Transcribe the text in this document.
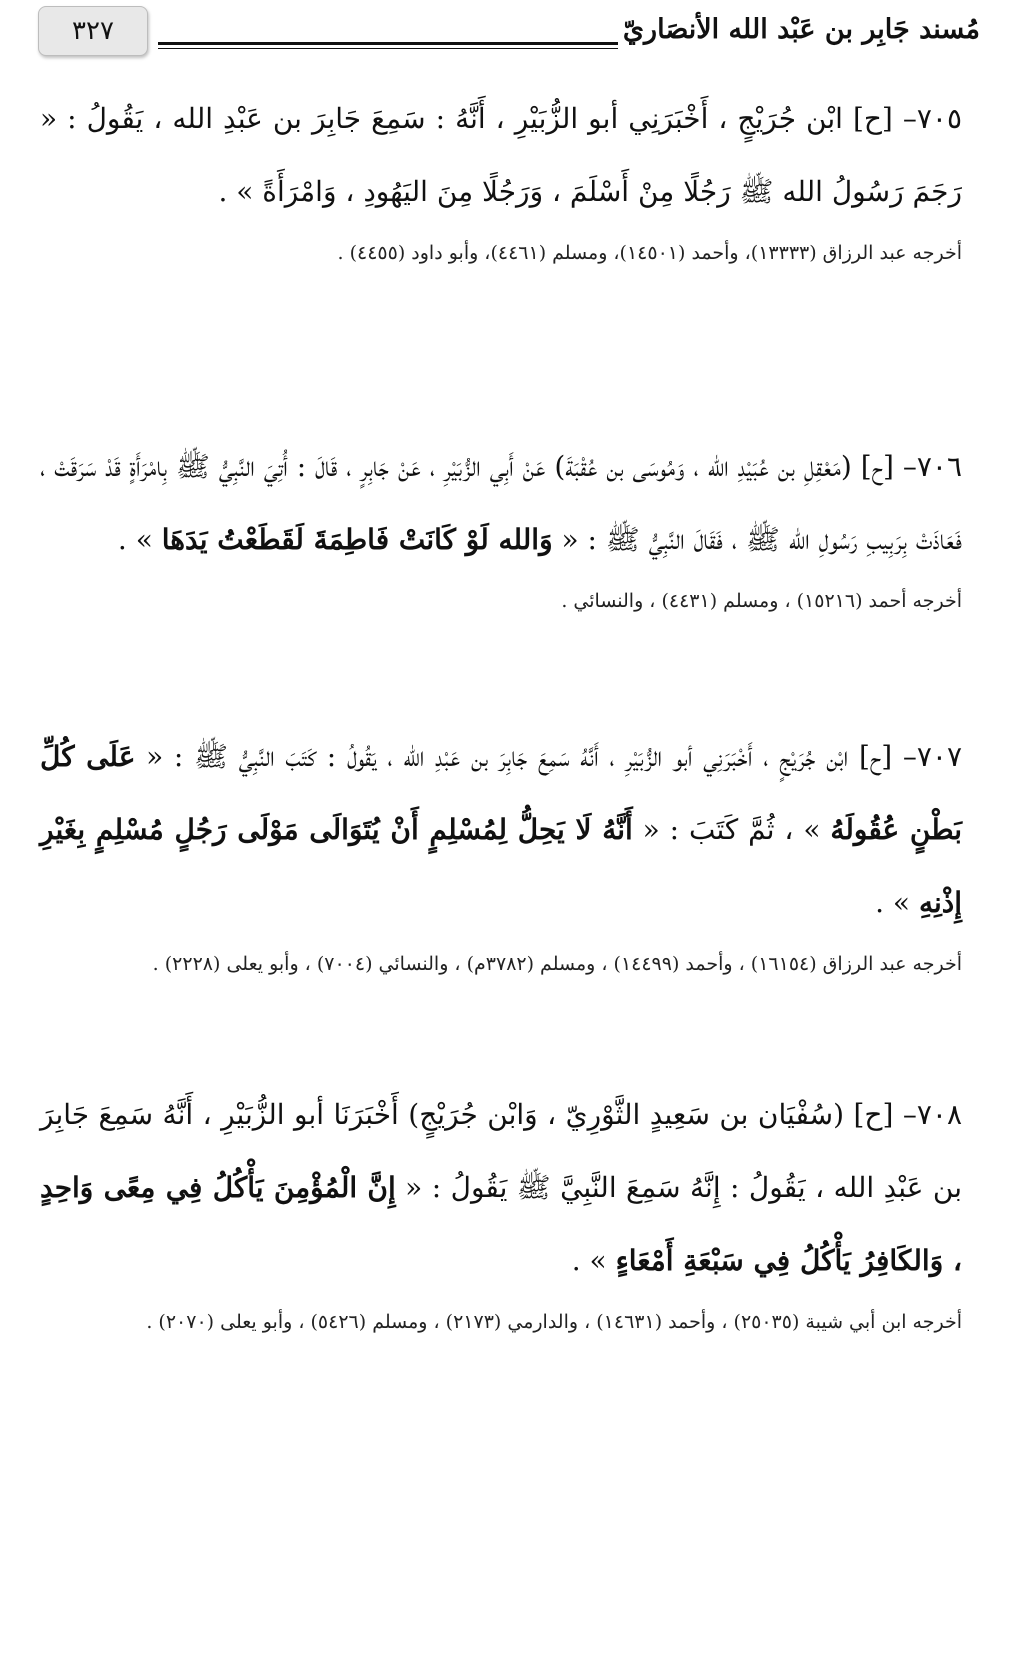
مُسند جَابِر بن عَبْد الله الأنصَاريّ
٣٢٧

٧٠٥– [ح] ابْن جُرَيْجٍ ، أَخْبَرَنِي أبو الزُّبَيْرِ ، أَنَّهُ : سَمِعَ جَابِرَ بن عَبْدِ الله ، يَقُولُ : « رَجَمَ رَسُولُ الله ﷺ رَجُلًا مِنْ أَسْلَمَ ، وَرَجُلًا مِنَ اليَهُودِ ، وَامْرَأَةً » .

أخرجه عبد الرزاق (١٣٣٣٣)، وأحمد (١٤٥٠١)، ومسلم (٤٤٦١)، وأبو داود (٤٤٥٥) .

٧٠٦– [ح] (مَعْقِلِ بن عُبَيْدِ الله ، وَمُوسَى بن عُقْبَةَ) عَنْ أَبِي الزُّبَيْرِ ، عَنْ جَابِرٍ ، قَالَ : أُتِيَ النَّبِيُّ ﷺ بِامْرَأَةٍ قَدْ سَرَقَتْ ، فَعَاذَتْ بِرَبِيبِ رَسُولِ الله ﷺ ، فَقَالَ النَّبِيُّ ﷺ : « وَالله لَوْ كَانَتْ فَاطِمَةَ لَقَطَعْتُ يَدَهَا » .

أخرجه أحمد (١٥٢١٦) ، ومسلم (٤٤٣١) ، والنسائي .

٧٠٧– [ح] ابْن جُرَيْجٍ ، أَخْبَرَنِي أبو الزُّبَيْرِ ، أَنَّهُ سَمِعَ جَابِرَ بن عَبْدِ الله ، يَقُولُ : كَتَبَ النَّبِيُّ ﷺ : « عَلَى كُلِّ بَطْنٍ عُقُولَهُ » ، ثُمَّ كَتَبَ : « أَنَّهُ لَا يَحِلُّ لِمُسْلِمٍ أَنْ يُتَوَالَى مَوْلَى رَجُلٍ مُسْلِمٍ بِغَيْرِ إِذْنِهِ » .

أخرجه عبد الرزاق (١٦١٥٤) ، وأحمد (١٤٤٩٩) ، ومسلم (٣٧٨٢م) ، والنسائي (٧٠٠٤) ، وأبو يعلى (٢٢٢٨) .

٧٠٨– [ح] (سُفْيَان بن سَعِيدٍ الثَّوْرِيّ ، وَابْن جُرَيْجٍ) أَخْبَرَنَا أبو الزُّبَيْرِ ، أَنَّهُ سَمِعَ جَابِرَ بن عَبْدِ الله ، يَقُولُ : إِنَّهُ سَمِعَ النَّبِيَّ ﷺ يَقُولُ : « إِنَّ الْمُؤْمِنَ يَأْكُلُ فِي مِعًى وَاحِدٍ ، وَالكَافِرُ يَأْكُلُ فِي سَبْعَةِ أَمْعَاءٍ » .

أخرجه ابن أبي شيبة (٢٥٠٣٥) ، وأحمد (١٤٦٣١) ، والدارمي (٢١٧٣) ، ومسلم (٥٤٢٦) ، وأبو يعلى (٢٠٧٠) .
